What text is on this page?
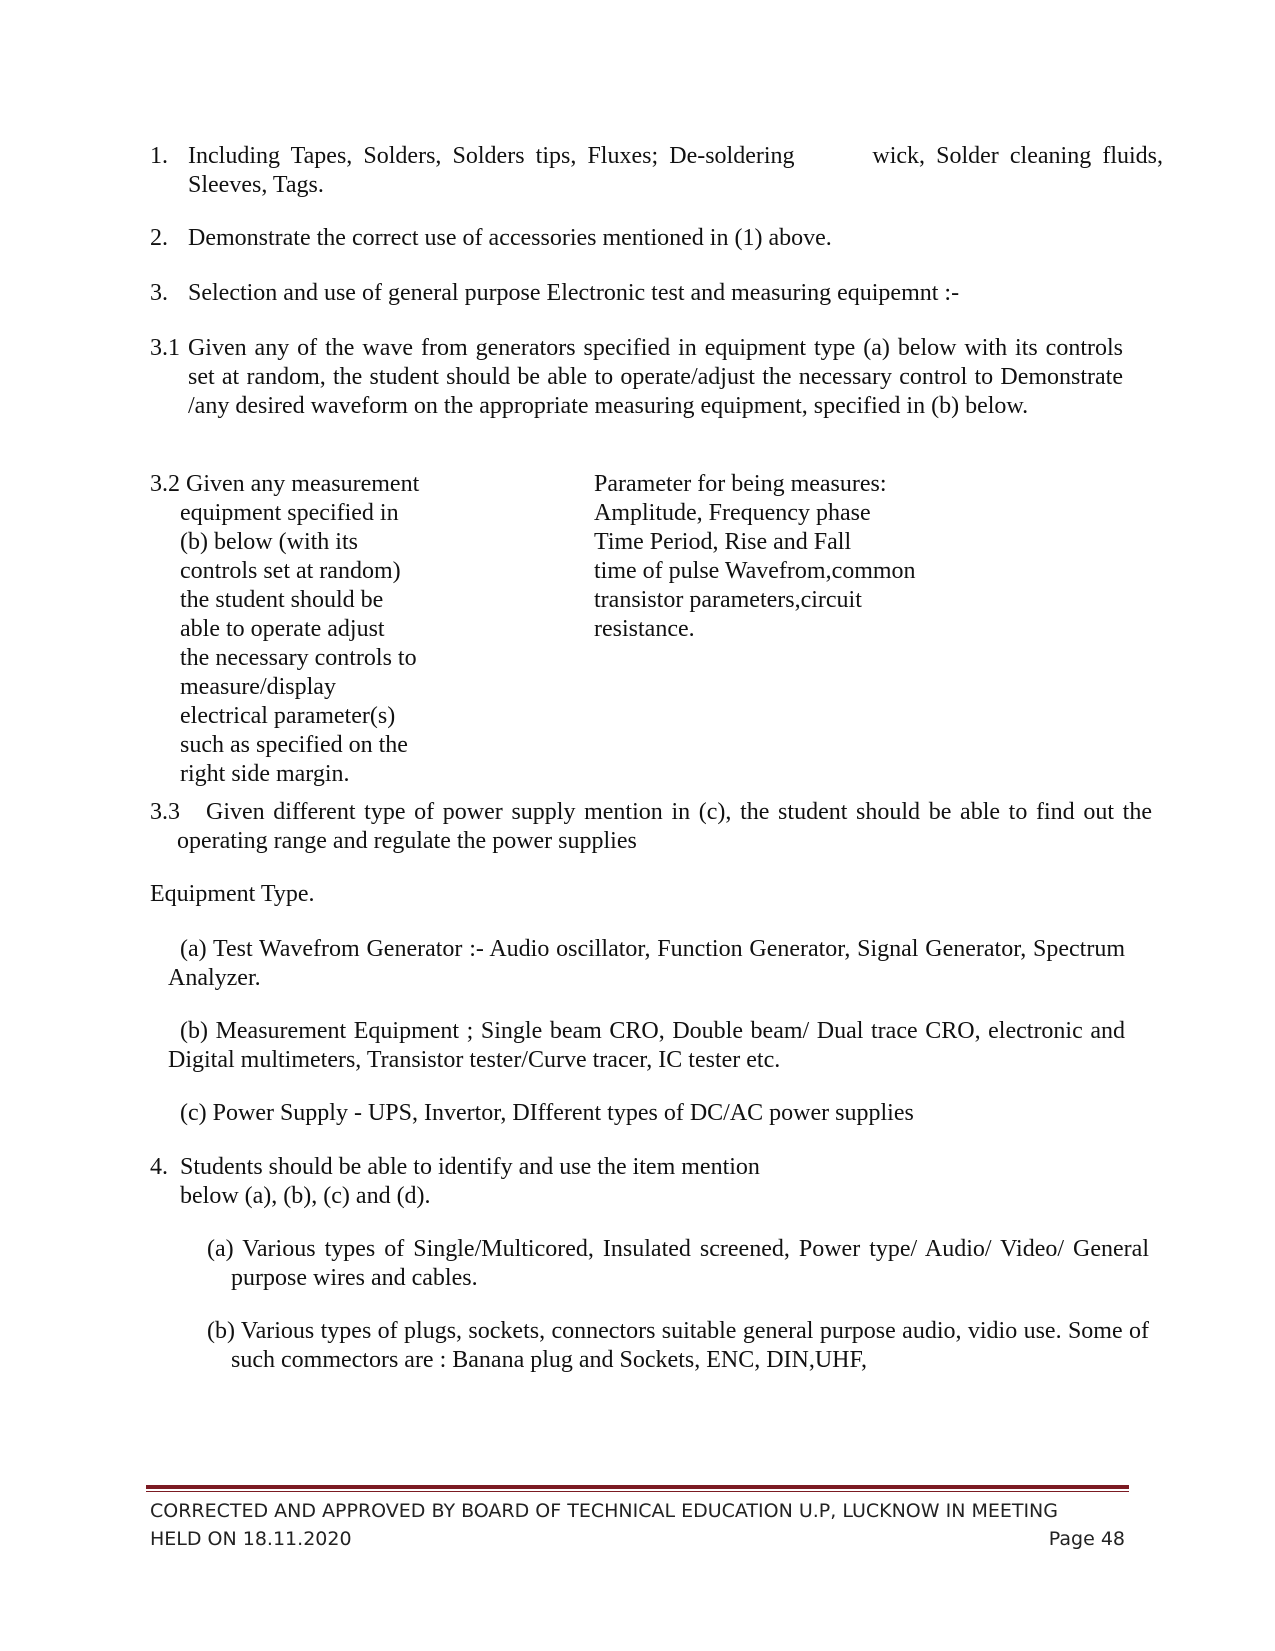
1. Including Tapes, Solders, Solders tips, Fluxes; De-soldering       wick, Solder cleaning fluids, Sleeves, Tags.

2. Demonstrate the correct use of accessories mentioned in (1) above.

3. Selection and use of general purpose Electronic test and measuring equipemnt :-

3.1 Given any of the wave from generators specified in equipment type (a) below with its controls set at random, the student should be able to operate/adjust the necessary control to Demonstrate /any desired waveform on the appropriate measuring equipment, specified in (b) below.

3.2 Given any measurement
equipment specified in
(b) below (with its
controls set at random)
the student should be
able to operate adjust
the necessary controls to
measure/display
electrical parameter(s)
such as specified on the
right side margin.
Parameter for being measures:
Amplitude, Frequency phase
Time Period, Rise and Fall
time of pulse Wavefrom,common
transistor parameters,circuit
resistance.

3.3   Given different type of power supply mention in (c), the student should be able to find out the operating range and regulate the power supplies

Equipment Type.

(a) Test Wavefrom Generator :- Audio oscillator, Function Generator, Signal Generator, Spectrum Analyzer.

(b) Measurement Equipment ; Single beam CRO, Double beam/ Dual trace CRO, electronic and Digital multimeters, Transistor tester/Curve tracer, IC tester etc.

(c) Power Supply - UPS, Invertor, DIfferent types of DC/AC power supplies

4.  Students should be able to identify and use the item mention
below (a), (b), (c) and (d).

(a) Various types of Single/Multicored, Insulated screened, Power type/ Audio/ Video/ General purpose wires and cables.

(b) Various types of plugs, sockets, connectors suitable general purpose audio, vidio use. Some of such commectors are : Banana plug and Sockets, ENC, DIN,UHF,

CORRECTED AND APPROVED BY BOARD OF TECHNICAL EDUCATION U.P, LUCKNOW IN MEETING
HELD ON 18.11.2020	Page 48
